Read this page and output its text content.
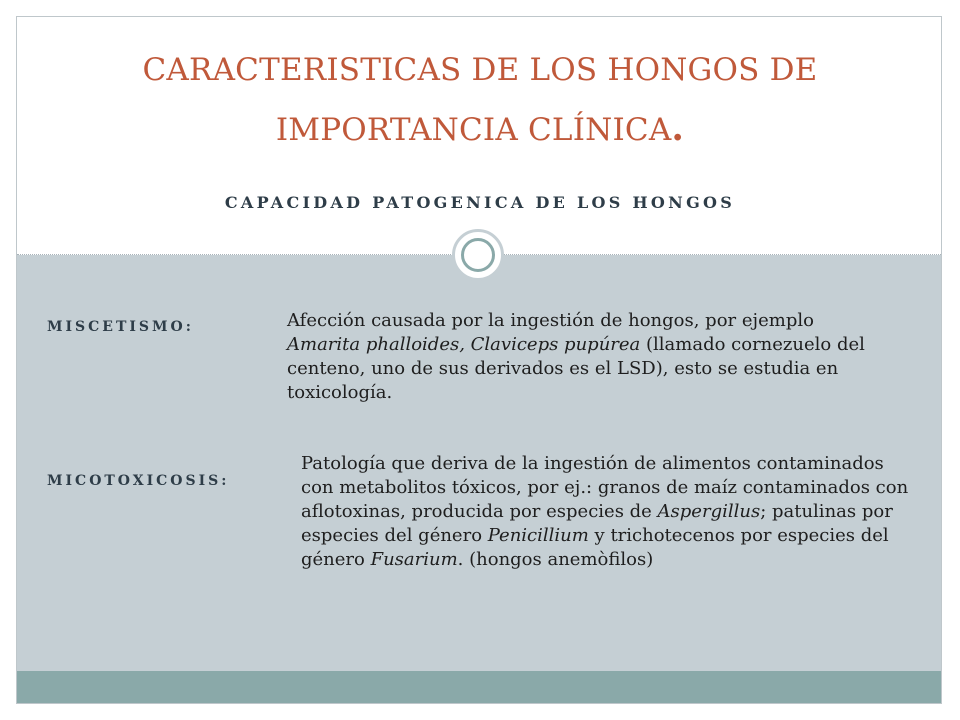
CARACTERISTICAS DE LOS HONGOS DE
IMPORTANCIA CLÍNICA.
CAPACIDAD PATOGENICA DE LOS HONGOS

MISCETISMO:	Afección causada por la ingestión de hongos, por ejemplo Amarita phalloides, Claviceps pupúrea (llamado cornezuelo del centeno, uno de sus derivados es el LSD), esto se estudia en toxicología.

MICOTOXICOSIS:

Patología que deriva de la ingestión de alimentos contaminados con metabolitos tóxicos, por ej.: granos de maíz contaminados con aflotoxinas, producida por especies de Aspergillus; patulinas por especies del género Penicillium y trichotecenos por especies del género Fusarium. (hongos anemòfilos)
